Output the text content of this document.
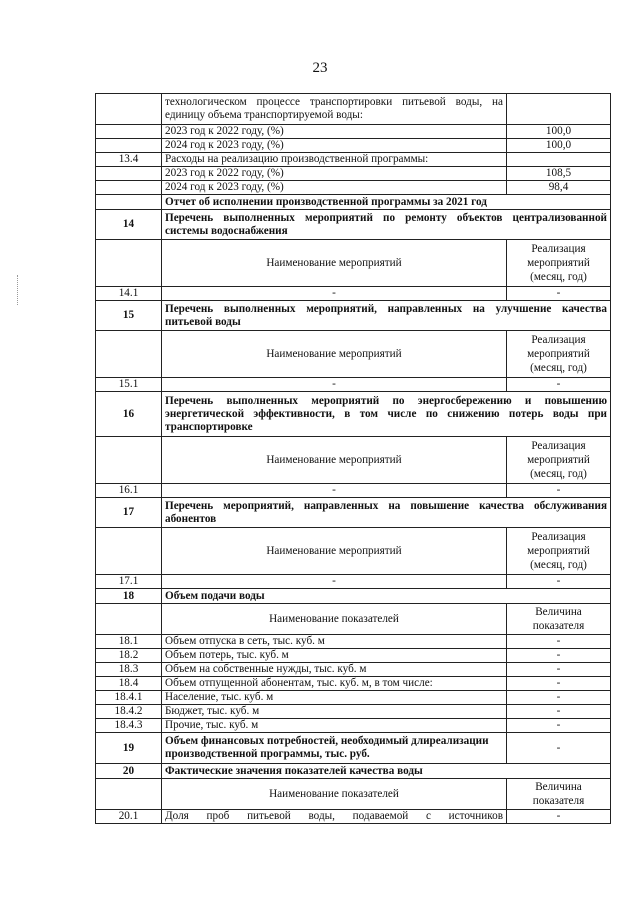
23
	технологическом процессе транспортировки питьевой воды, на единицу объема транспортируемой воды:	
	2023 год к 2022 году, (%)	100,0
	2024 год к 2023 году, (%)	100,0
13.4	Расходы на реализацию производственной программы:	
	2023 год к 2022 году, (%)	108,5
	2024 год к 2023 году, (%)	98,4
	Отчет об исполнении производственной программы за 2021 год	
14	Перечень выполненных мероприятий по ремонту объектов централизованной системы водоснабжения	
	Наименование мероприятий	Реализация мероприятий (месяц, год)
14.1	-	-
15	Перечень выполненных мероприятий, направленных на улучшение качества питьевой воды	
	Наименование мероприятий	Реализация мероприятий (месяц, год)
15.1	-	-
16	Перечень выполненных мероприятий по энергосбережению и повышению энергетической эффективности, в том числе по снижению потерь воды при транспортировке	
	Наименование мероприятий	Реализация мероприятий (месяц, год)
16.1	-	-
17	Перечень мероприятий, направленных на повышение качества обслуживания абонентов	
	Наименование мероприятий	Реализация мероприятий (месяц, год)
17.1	-	-
18	Объем подачи воды	
	Наименование показателей	Величина показателя
18.1	Объем отпуска в сеть, тыс. куб. м	-
18.2	Объем потерь, тыс. куб. м	-
18.3	Объем на собственные нужды, тыс. куб. м	-
18.4	Объем отпущенной абонентам, тыс. куб. м, в том числе:	-
18.4.1	Население, тыс. куб. м	-
18.4.2	Бюджет, тыс. куб. м	-
18.4.3	Прочие, тыс. куб. м	-
19	Объем финансовых потребностей, необходимый длиреализации производственной программы, тыс. руб.	-
20	Фактические значения показателей качества воды	
	Наименование показателей	Величина показателя
20.1	Доля проб питьевой воды, подаваемой с источников	-
